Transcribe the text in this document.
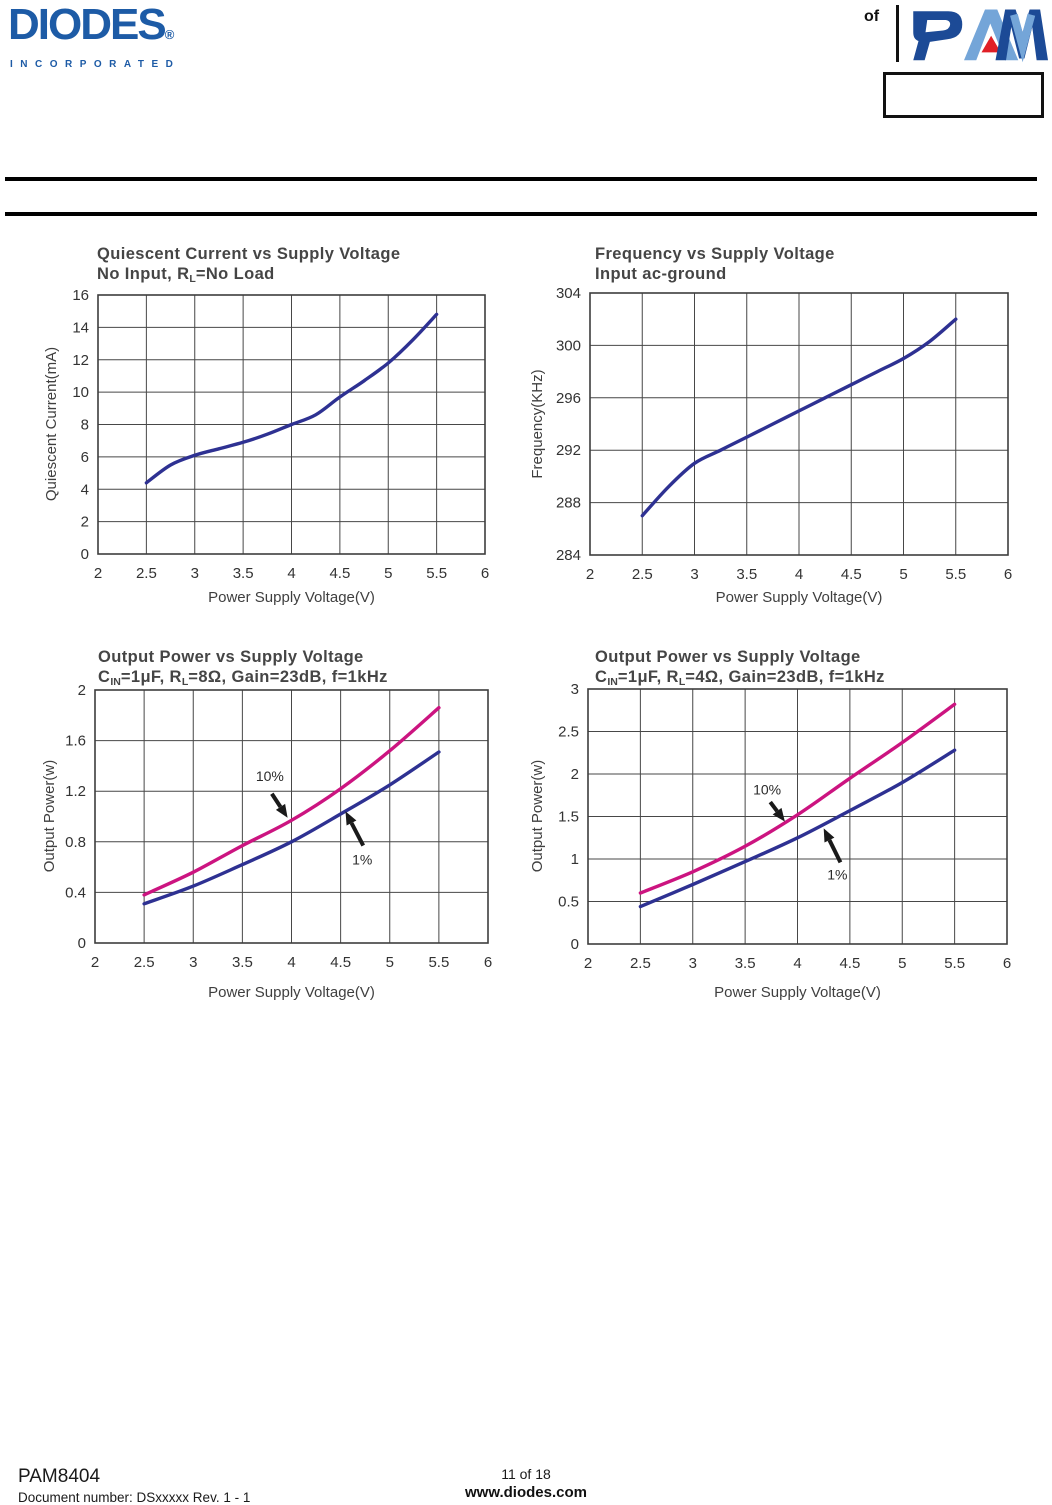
DIODES®
INCORPORATED
of
Quiescent Current vs Supply Voltage
No Input, RL=No Load
Quiescent Current(mA)
Power Supply Voltage(V)
2 2.5 3 3.5 4 4.5 5 5.5 6
0
2
4
6
8
10
12
14
16
Frequency vs Supply Voltage
Input ac-ground
Frequency(KHz)
Power Supply Voltage(V)
2	2.5	3	3.5	4	4.5	5	5.5	6
284
288
292
296
300
304
Output Power vs Supply Voltage
CIN=1μF, RL=8Ω, Gain=23dB, f=1kHz
Output Power(w)
Power Supply Voltage(V)
2 2.5 3 3.5 4 4.5 5 5.5 6
0
0.4
0.8
1.2
1.6
2
10%
1%
Output Power vs Supply Voltage
CIN=1μF, RL=4Ω, Gain=23dB, f=1kHz
Output Power(w)
Power Supply Voltage(V)
2	2.5	3	3.5	4	4.5	5	5.5	6
0
0.5
1
1.5
2
2.5
3
10%
1%
PAM8404
Document number: DSxxxxx Rev. 1 - 1
11 of 18
www.diodes.com
